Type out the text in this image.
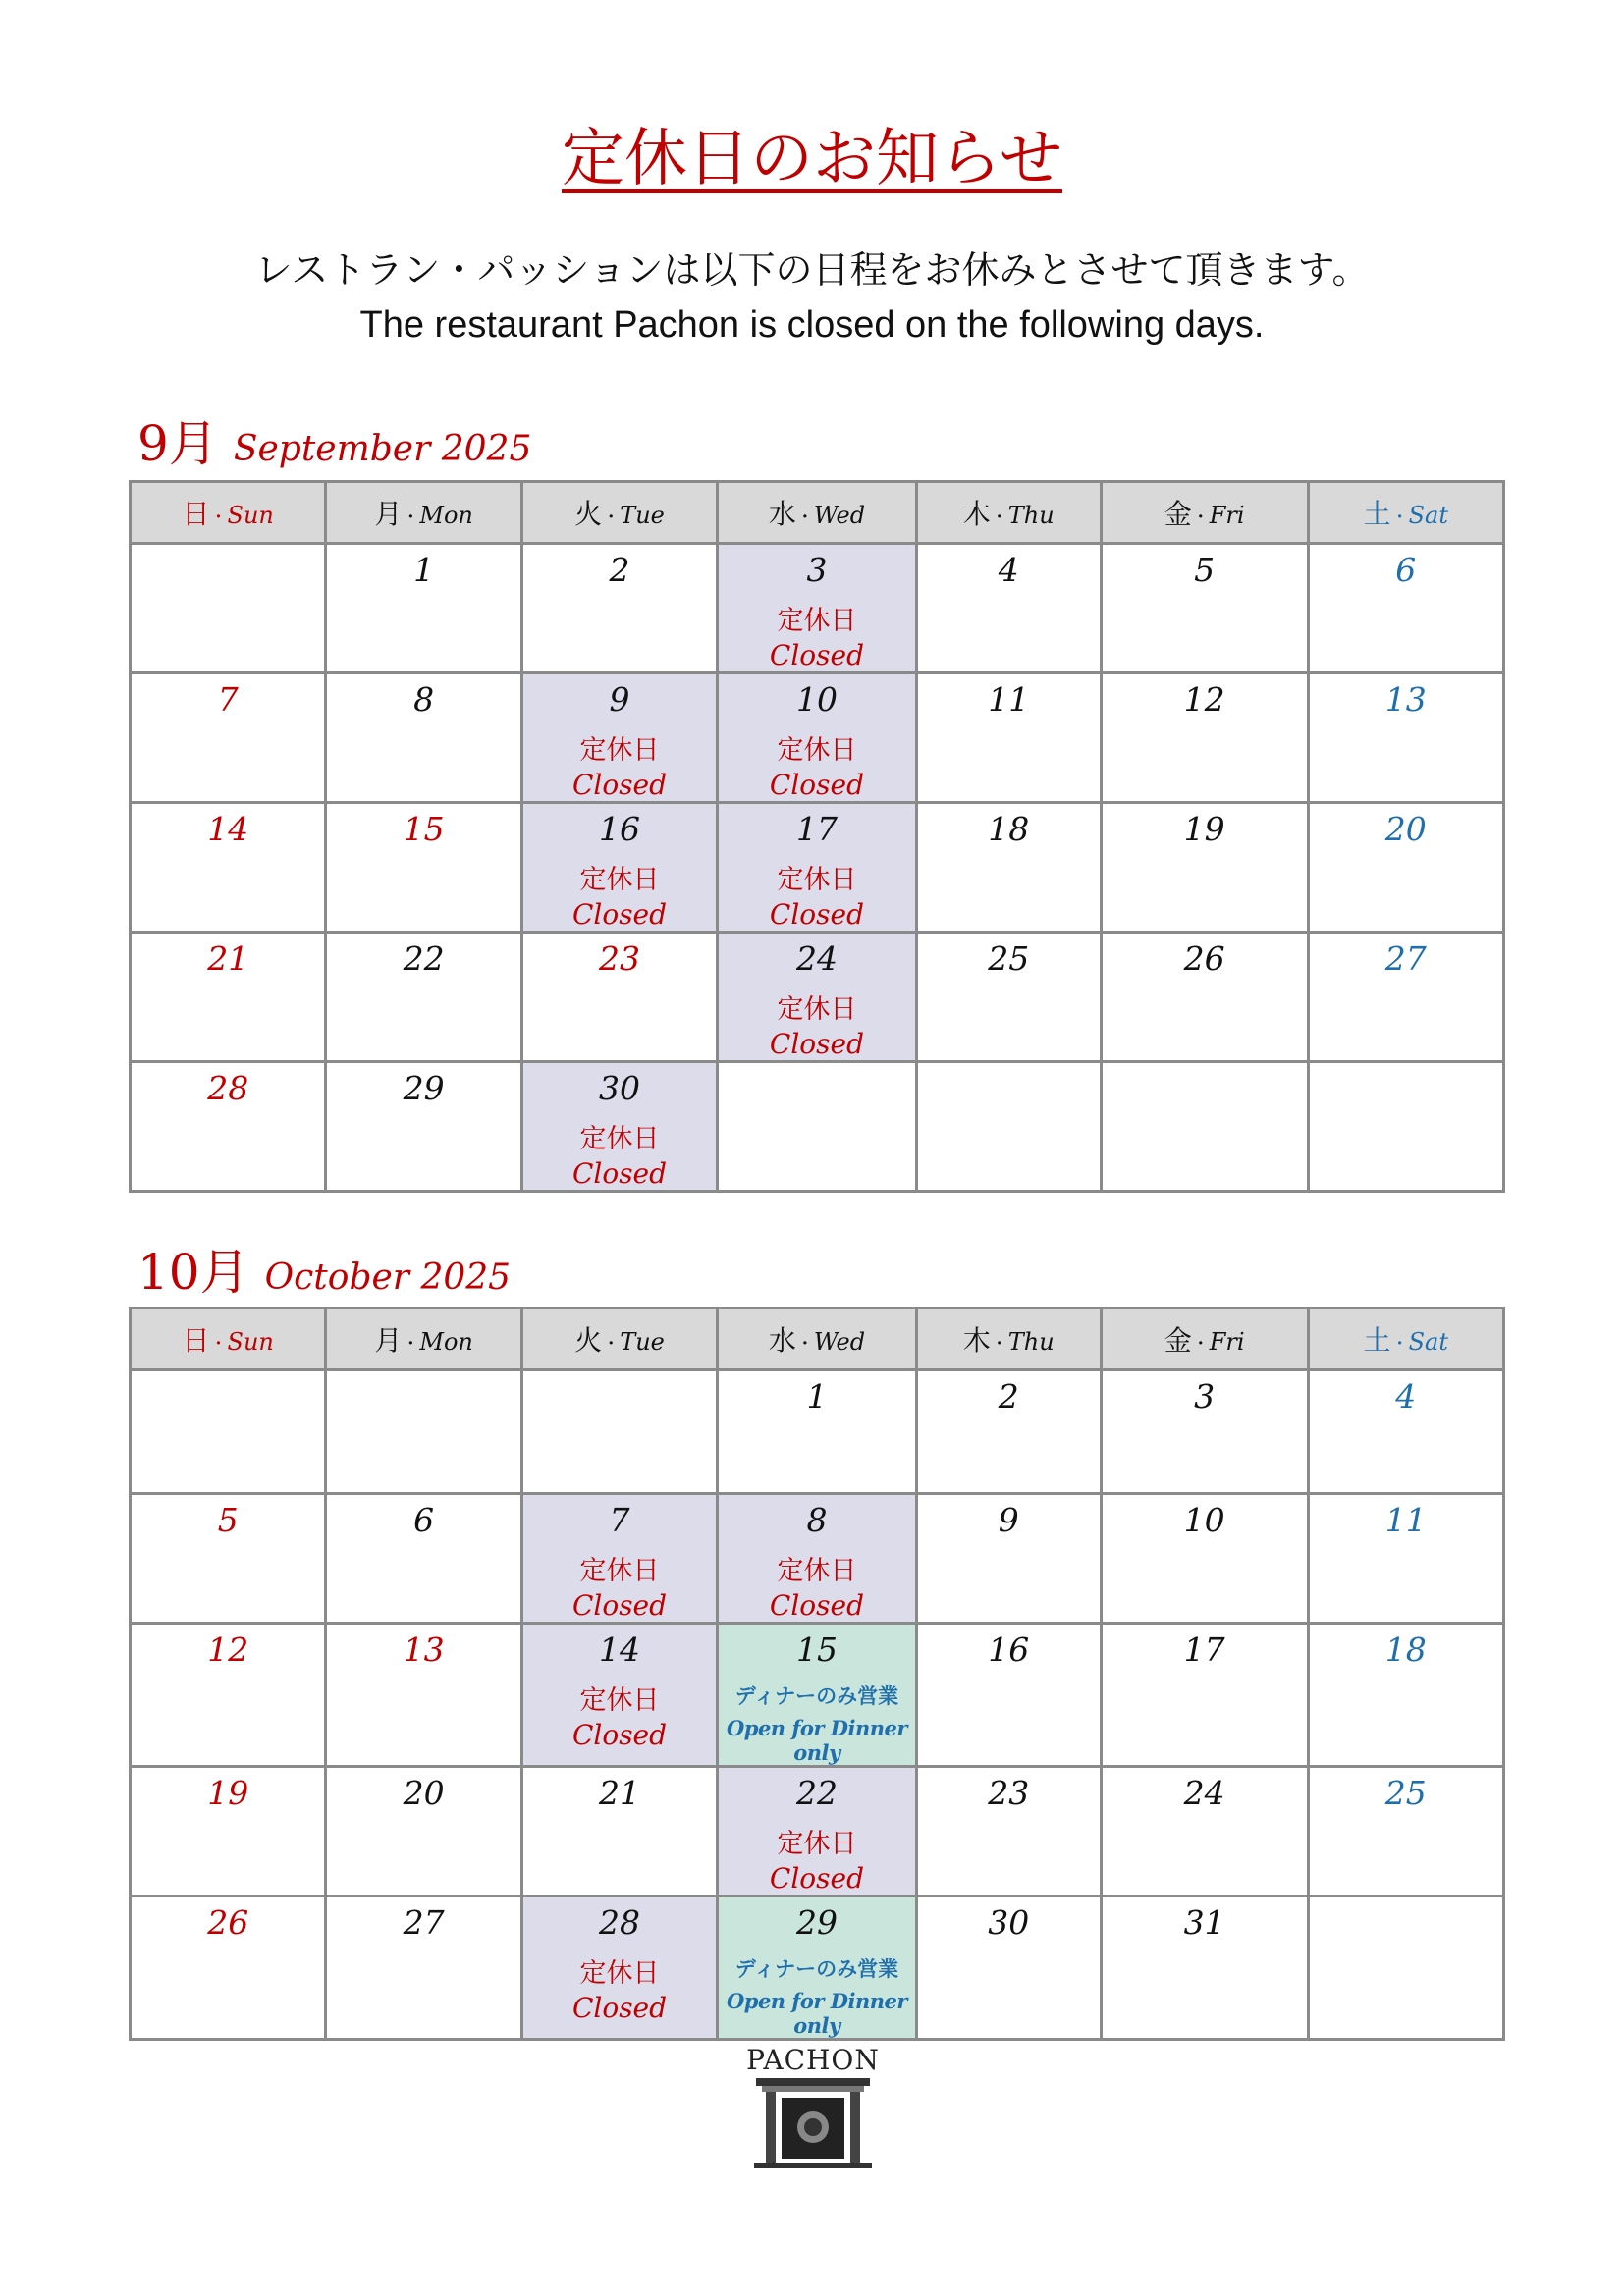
定休日のお知らせ
レストラン・パッションは以下の日程をお休みとさせて頂きます。
The restaurant Pachon is closed on the following days.
9月 September 2025
日・Sun	月・Mon	火・Tue	水・Wed	木・Thu	金・Fri	土・Sat

	1	2	3
定休日
Closed	4	5	6

7	8	9
定休日
Closed	10
定休日
Closed	11	12	13

14	15	16
定休日
Closed	17
定休日
Closed	18	19	20

21	22	23	24
定休日
Closed	25	26	27

28	29	30
定休日
Closed				

10月 October 2025
日・Sun	月・Mon	火・Tue	水・Wed	木・Thu	金・Fri	土・Sat

			1	2	3	4

5	6	7
定休日
Closed	8
定休日
Closed	9	10	11

12	13	14
定休日
Closed	15
ディナーのみ営業
Open for Dinner only	16	17	18

19	20	21	22
定休日
Closed	23	24	25

26	27	28
定休日
Closed	29
ディナーのみ営業
Open for Dinner only	30	31	

PACHON
